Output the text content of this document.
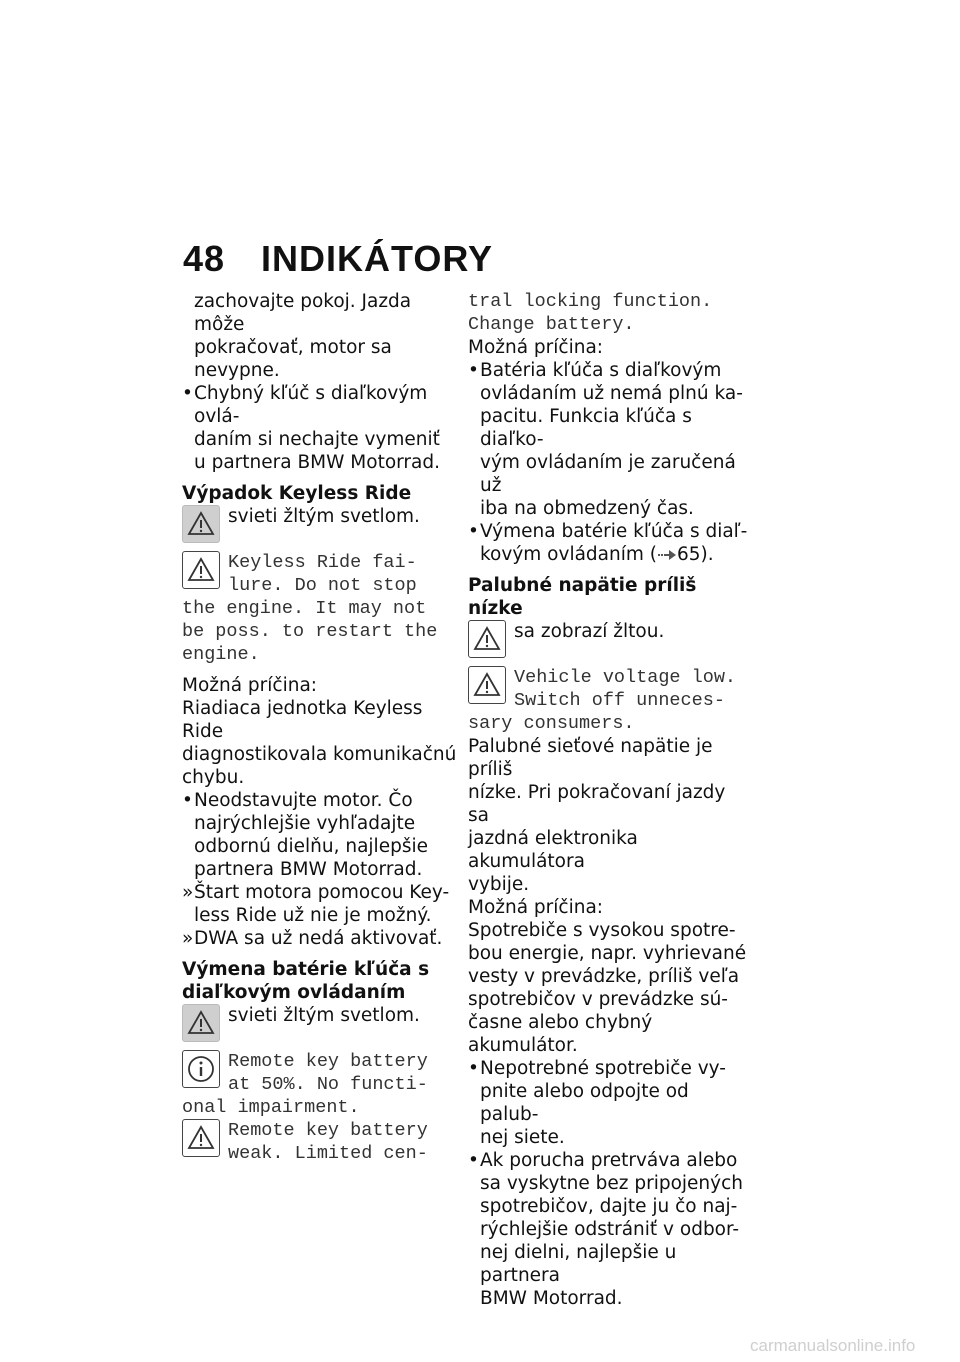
48 INDIKÁTORY
zachovajte pokoj. Jazda môže
pokračovať, motor sa nevypne.
• Chybný kľúč s diaľkovým ovlá-
daním si nechajte vymeniť
u partnera BMW Motorrad.
Výpadok Keyless Ride
svieti žltým svetlom.
Keyless Ride fai-
lure. Do not stop
the engine. It may not
be poss. to restart the
engine.
Možná príčina:
Riadiaca jednotka Keyless Ride
diagnostikovala komunikačnú
chybu.
• Neodstavujte motor. Čo
najrýchlejšie vyhľadajte
odbornú dielňu, najlepšie
partnera BMW Motorrad.
» Štart motora pomocou Key-
less Ride už nie je možný.
» DWA sa už nedá aktivovať.
Výmena batérie kľúča s
diaľkovým ovládaním
svieti žltým svetlom.
Remote key battery
at 50%. No functi-
onal impairment.
Remote key battery
weak. Limited cen-
tral locking function.
Change battery.
Možná príčina:
• Batéria kľúča s diaľkovým
ovládaním už nemá plnú ka-
pacitu. Funkcia kľúča s diaľko-
vým ovládaním je zaručená už
iba na obmedzený čas.
• Výmena batérie kľúča s diaľ-
kovým ovládaním ( 65).
Palubné napätie príliš nízke
sa zobrazí žltou.
Vehicle voltage low.
Switch off unneces-
sary consumers.
Palubné sieťové napätie je príliš
nízke. Pri pokračovaní jazdy sa
jazdná elektronika akumulátora
vybije.
Možná príčina:
Spotrebiče s vysokou spotre-
bou energie, napr. vyhrievané
vesty v prevádzke, príliš veľa
spotrebičov v prevádzke sú-
časne alebo chybný akumulátor.
• Nepotrebné spotrebiče vy-
pnite alebo odpojte od palub-
nej siete.
• Ak porucha pretrváva alebo
sa vyskytne bez pripojených
spotrebičov, dajte ju čo naj-
rýchlejšie odstrániť v odbor-
nej dielni, najlepšie u partnera
BMW Motorrad.
carmanualsonline.info
